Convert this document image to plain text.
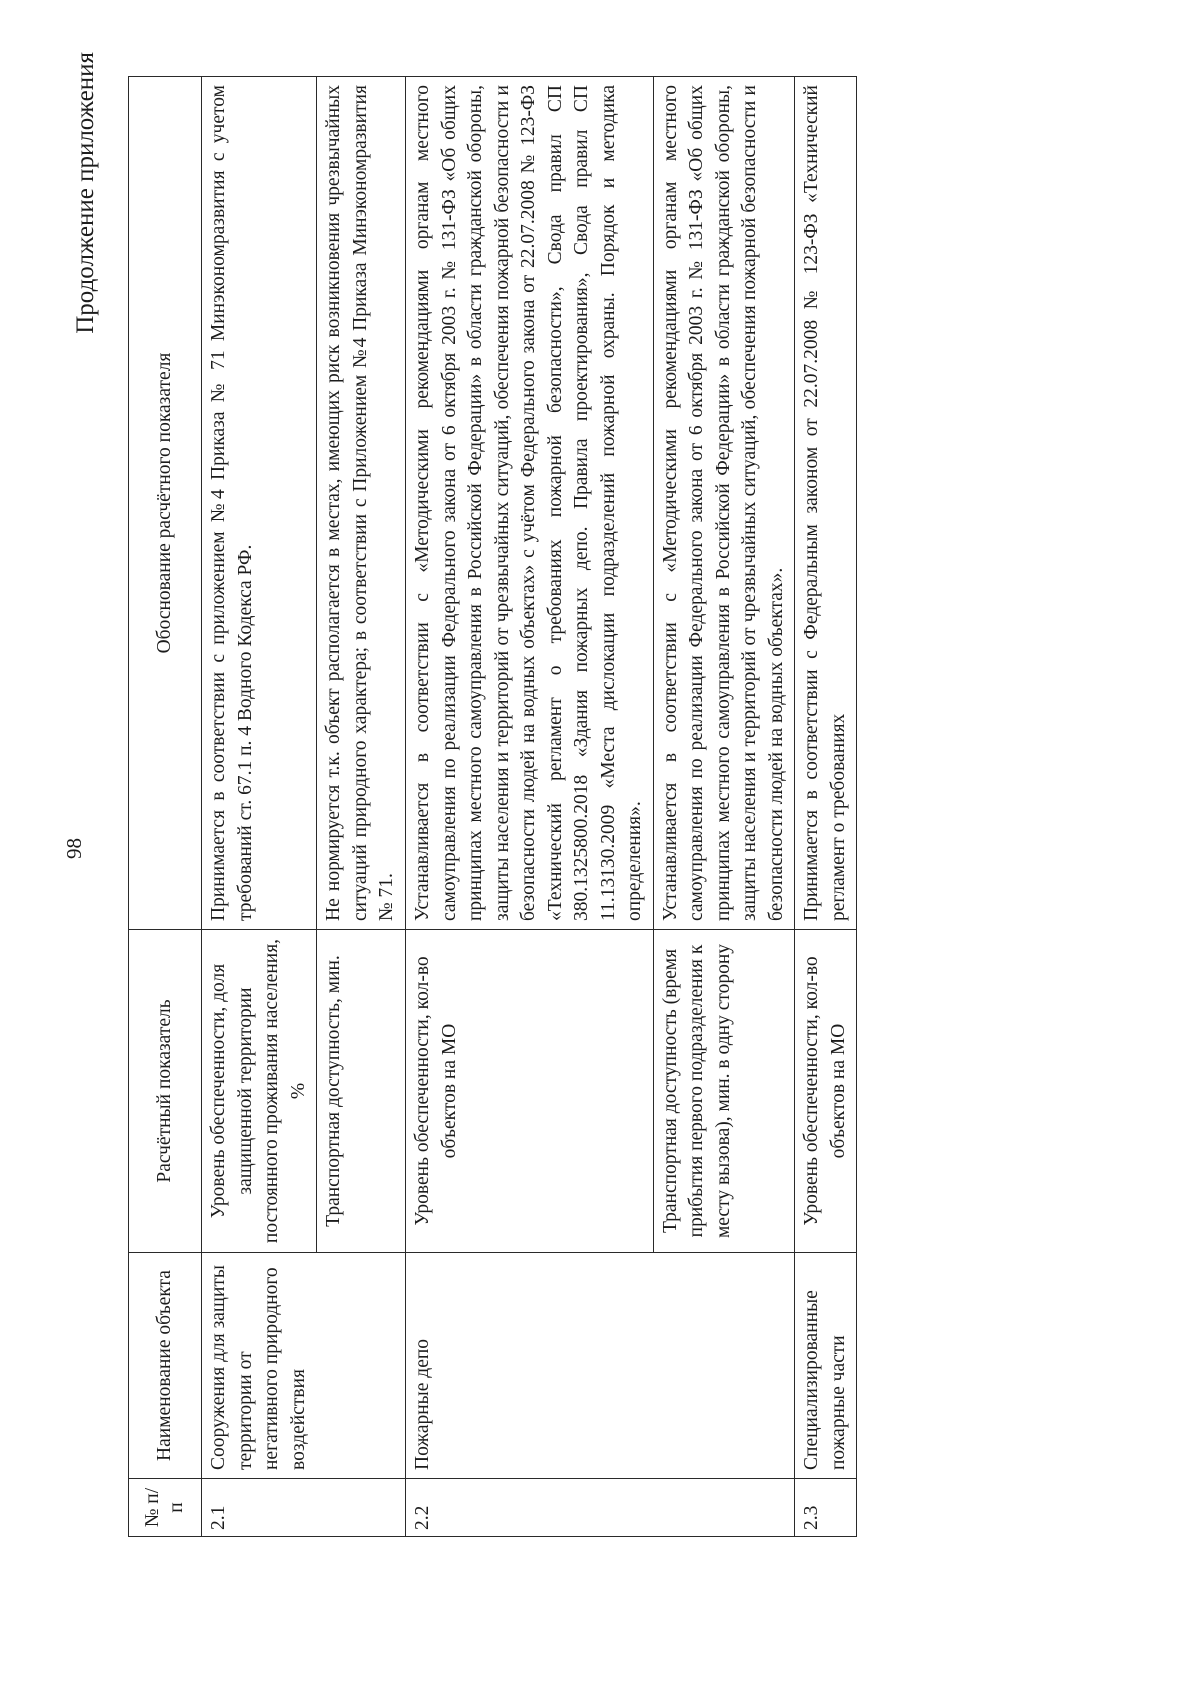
98
Продолжение приложения
№ п/п	Наименование объекта	Расчётный показатель	Обоснование расчётного показателя
2.1	Сооружения для защиты территории от негативного природного воздействия	Уровень обеспеченности, доля защищенной территории постоянного проживания населения, %	Принимается в соответствии с приложением №4 Приказа № 71 Минэкономразвития с учетом требований ст. 67.1 п. 4 Водного Кодекса РФ.
		Транспортная доступность, мин.	Не нормируется т.к. объект располагается в местах, имеющих риск возникновения чрезвычайных ситуаций природного характера; в соответствии с Приложением №4 Приказа Минэкономразвития № 71.
2.2	Пожарные депо	Уровень обеспеченности, кол-во объектов на МО	Устанавливается в соответствии с «Методическими рекомендациями органам местного самоуправления по реализации Федерального закона от 6 октября 2003 г. № 131-ФЗ «Об общих принципах местного самоуправления в Российской Федерации» в области гражданской обороны, защиты населения и территорий от чрезвычайных ситуаций, обеспечения пожарной безопасности и безопасности людей на водных объектах» с учётом Федерального закона от 22.07.2008 № 123-ФЗ «Технический регламент о требованиях пожарной безопасности», Свода правил СП 380.1325800.2018 «Здания пожарных депо. Правила проектирования», Свода правил СП 11.13130.2009 «Места дислокации подразделений пожарной охраны. Порядок и методика определения».
		Транспортная доступность (время прибытия первого подразделения к месту вызова), мин. в одну сторону	Устанавливается в соответствии с «Методическими рекомендациями органам местного самоуправления по реализации Федерального закона от 6 октября 2003 г. № 131-ФЗ «Об общих принципах местного самоуправления в Российской Федерации» в области гражданской обороны, защиты населения и территорий от чрезвычайных ситуаций, обеспечения пожарной безопасности и безопасности людей на водных объектах».
2.3	Специализированные пожарные части	Уровень обеспеченности, кол-во объектов на МО	Принимается в соответствии с Федеральным законом от 22.07.2008 № 123-ФЗ «Технический регламент о требованиях
